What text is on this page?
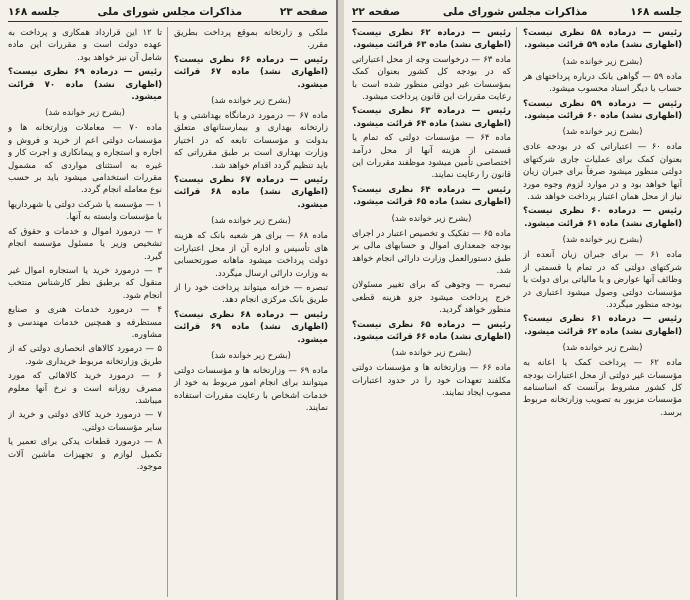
صفحه ۲۳
مذاکرات مجلس شورای ملی
جلسه ۱۶۸

ملکی و زارتخانه بموقع پرداخت بطریق مقرر.

رئیس — درماده ۶۶ نظری نیست؟ (اظهاری نشد) ماده ۶۷ قرائت میشود.

(بشرح زیر خوانده شد)

ماده ۶۷ — درمورد درمانگاه بهداشتی و یا زارتخانه بهداری و بیمارستانهای متعلق بدولت و مؤسسات تابعه که در اختیار وزارت بهداری است بر طبق مقرراتی که باید تنظیم گردد اقدام خواهد شد.

رئیس — درماده ۶۷ نظری نیست؟ (اظهاری نشد) ماده ۶۸ قرائت میشود.

(بشرح زیر خوانده شد)

ماده ۶۸ — برای هر شعبه بانک که هزینه های تأسیس و اداره آن از محل اعتبارات دولت پرداخت میشود ماهانه صورتحسابی به وزارت دارائی ارسال میگردد.

تبصره — خزانه میتواند پرداخت خود را از طریق بانک مرکزی انجام دهد.

رئیس — درماده ۶۸ نظری نیست؟ (اظهاری نشد) ماده ۶۹ قرائت میشود.

(بشرح زیر خوانده شد)

ماده ۶۹ — وزارتخانه ها و مؤسسات دولتی میتوانند برای انجام امور مربوط به خود از خدمات اشخاص با رعایت مقررات استفاده نمایند.

تا ۱۲ این قرارداد همکاری و پرداخت به عهده دولت است و مقررات این ماده شامل آن نیز خواهد بود.

رئیس — درماده ۶۹ نظری نیست؟ (اظهاری نشد) ماده ۷۰ قرائت میشود.

(بشرح زیر خوانده شد)

ماده ۷۰ — معاملات وزارتخانه ها و مؤسسات دولتی اعم از خرید و فروش و اجاره و استجاره و پیمانکاری و اجرت کار و غیره به استثنای مواردی که مشمول مقررات استخدامی میشود باید بر حسب نوع معامله انجام گردد.

۱ — مؤسسه یا شرکت دولتی یا شهرداریها با مؤسسات وابسته به آنها.

۲ — درمورد اموال و خدمات و حقوق که تشخیص وزیر یا مسئول مؤسسه انجام گیرد.

۳ — درمورد خرید یا استجاره اموال غیر منقول که برطبق نظر کارشناس منتخب انجام شود.

۴ — درمورد خدمات هنری و صنایع مستظرفه و همچنین خدمات مهندسی و مشاوره.

۵ — درمورد کالاهای انحصاری دولتی که از طریق وزارتخانه مربوط خریداری شود.

۶ — درمورد خرید کالاهائی که مورد مصرف روزانه است و نرخ آنها معلوم میباشد.

۷ — درمورد خرید کالای دولتی و خرید از سایر مؤسسات دولتی.

۸ — درمورد قطعات یدکی برای تعمیر یا تکمیل لوازم و تجهیزات ماشین آلات موجود.

جلسه ۱۶۸
مذاکرات مجلس شورای ملی
صفحه ۲۲

رئیس — درماده ۵۸ نظری نیست؟ (اظهاری نشد) ماده ۵۹ قرائت میشود.

(بشرح زیر خوانده شد)

ماده ۵۹ — گواهی بانک درباره پرداختهای هر حساب با دیگر اسناد محسوب میشود.

رئیس — درماده ۵۹ نظری نیست؟ (اظهاری نشد) ماده ۶۰ قرائت میشود.

(بشرح زیر خوانده شد)

ماده ۶۰ — اعتباراتی که در بودجه عادی بعنوان کمک برای عملیات جاری شرکتهای دولتی منظور میشود صرفاً برای جبران زیان آنها خواهد بود و در موارد لزوم وجوه مورد نیاز از محل همان اعتبار پرداخت خواهد شد.

رئیس — درماده ۶۰ نظری نیست؟ (اظهاری نشد) ماده ۶۱ قرائت میشود.

(بشرح زیر خوانده شد)

ماده ۶۱ — برای جبران زیان آنعده از شرکتهای دولتی که در تمام یا قسمتی از وظائف آنها عوارض و یا مالیاتی برای دولت یا مؤسسات دولتی وصول میشود اعتباری در بودجه منظور میگردد.

رئیس — درماده ۶۱ نظری نیست؟ (اظهاری نشد) ماده ۶۲ قرائت میشود.

(بشرح زیر خوانده شد)

ماده ۶۲ — پرداخت کمک یا اعانه به مؤسسات غیر دولتی از محل اعتبارات بودجه کل کشور مشروط برآنست که اساسنامه مؤسسات مزبور به تصویب وزارتخانه مربوط برسد.

رئیس — درماده ۶۲ نظری نیست؟ (اظهاری نشد) ماده ۶۳ قرائت میشود.

ماده ۶۳ — درخواست وجه از محل اعتباراتی که در بودجه کل کشور بعنوان کمک بمؤسسات غیر دولتی منظور شده است با رعایت مقررات این قانون پرداخت میشود.

رئیس — درماده ۶۳ نظری نیست؟ (اظهاری نشد) ماده ۶۴ قرائت میشود.

ماده ۶۴ — مؤسسات دولتی که تمام یا قسمتی از هزینه آنها از محل درآمد اختصاصی تأمین میشود موظفند مقررات این قانون را رعایت نمایند.

رئیس — درماده ۶۴ نظری نیست؟ (اظهاری نشد) ماده ۶۵ قرائت میشود.

(بشرح زیر خوانده شد)

ماده ۶۵ — تفکیک و تخصیص اعتبار در اجرای بودجه جمعداری اموال و حسابهای مالی بر طبق دستورالعمل وزارت دارائی انجام خواهد شد.

تبصره — وجوهی که برای تغییر مسئولان خرج پرداخت میشود جزو هزینه قطعی منظور خواهد گردید.

رئیس — درماده ۶۵ نظری نیست؟ (اظهاری نشد) ماده ۶۶ قرائت میشود.

(بشرح زیر خوانده شد)

ماده ۶۶ — وزارتخانه ها و مؤسسات دولتی مکلفند تعهدات خود را در حدود اعتبارات مصوب ایجاد نمایند.
